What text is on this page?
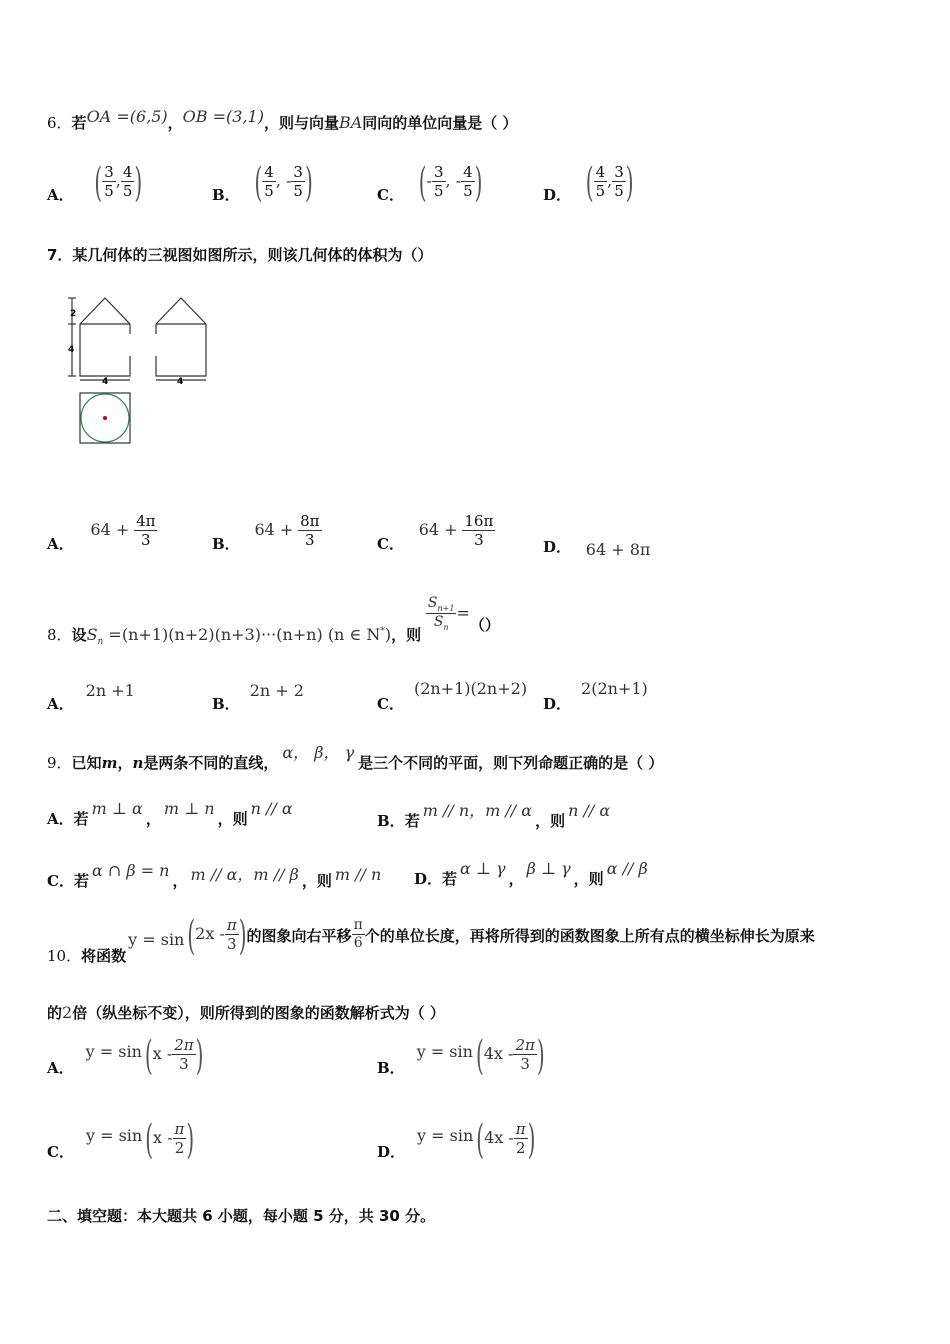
6．若OA =(6,5)，OB =(3,1)，则与向量BA同向的单位向量是（ ）
A． ( $\frac{3}{5}$ , $\frac{4}{5}$ )	B． ( $\frac{4}{5}$ , - $\frac{3}{5}$ )	C． (- $\frac{3}{5}$ , - $\frac{4}{5}$ )	D． ( $\frac{4}{5}$ , $\frac{3}{5}$ )
7．某几何体的三视图如图所示，则该几何体的体积为（）
2
4
4	4
A． $64 + \frac{4\pi}{3}$	B． $64 + \frac{8\pi}{3}$	C． $64 + \frac{16\pi}{3}$	D． 64 + 8π
8．设$S_n =(n+1)(n+2)(n+3)\cdot\cdot\cdot(n+n)$ (n ∈ N*)，则
$\frac{S_{n+1}}{S_n}$ =（）
A．2n +1
B．2n + 2
C．(2n+1)(2n+2)
D．2(2n+1)
9．已知m，n是两条不同的直线，α， β， γ是三个不同的平面，则下列命题正确的是（ ）
A．若m ⊥ α，m ⊥ n，则n // α
B．若m // n，m // α，则n // α
C．若α ∩ β = n， m // α，m // β ，则 m // n D．若α ⊥ γ，β ⊥ γ，则α // β
10．将函数$y = \sin (2x - \frac{\pi}{3}$ )的图象向右平移 $\frac{\pi}{6}$ 个的单位长度，再将所得到的函数图象上所有点的横坐标伸长为原来
的2倍（纵坐标不变），则所得到的图象的函数解析式为（ ）
A．$y = \sin (x - \frac{2\pi}{3}$ )	B．$y = \sin (4x - \frac{2\pi}{3}$ )
C．$y = \sin (x - \frac{\pi}{2}$ )	D．$y = \sin (4x - \frac{\pi}{2}$ )
二、填空题：本大题共 6 小题，每小题 5 分，共 30 分。
